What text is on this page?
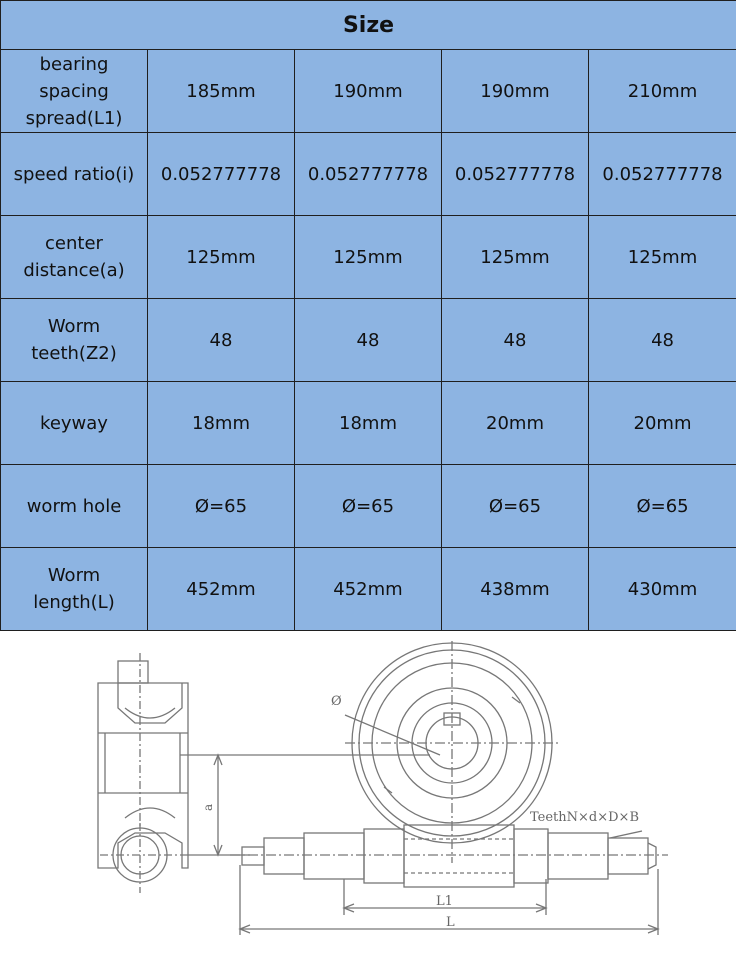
Size				
bearing spacing spread(L1)	185mm	190mm	190mm	210mm
speed ratio(i)	0.052777778	0.052777778	0.052777778	0.052777778
center distance(a)	125mm	125mm	125mm	125mm
Worm teeth(Z2)	48	48	48	48
keyway	18mm	18mm	20mm	20mm
worm hole	Ø=65	Ø=65	Ø=65	Ø=65
Worm length(L)	452mm	452mm	438mm	430mm
Ø
a
TeethN×d×D×B
L1
L
